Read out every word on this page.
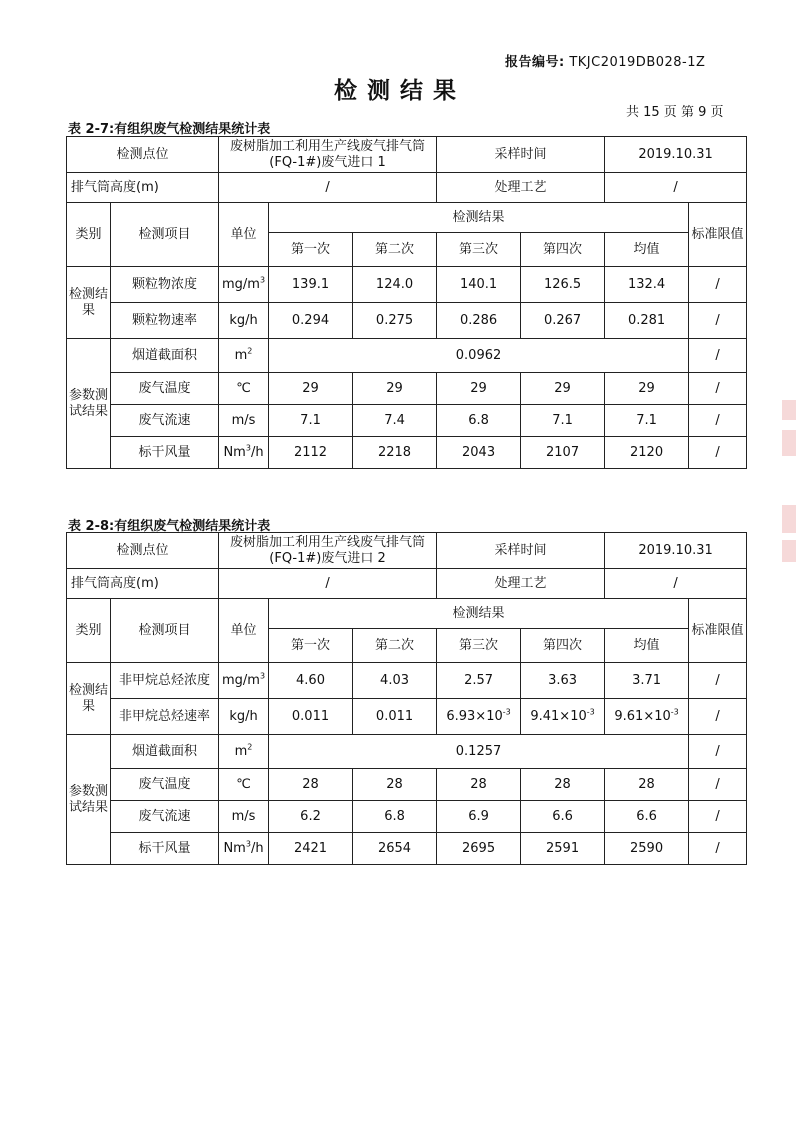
报告编号: TKJC2019DB028-1Z
检测结果
共 15 页 第 9 页
表 2-7:有组织废气检测结果统计表
检测点位		废树脂加工利用生产线废气排气筒(FQ-1#)废气进口 1			采样时间		2019.10.31	
排气筒高度(m)		/			处理工艺		/	
类别	检测项目	单位	检测结果					标准限值
			第一次	第二次	第三次	第四次	均值	
检测结果	颗粒物浓度	$mg/m^3$	139.1	124.0	140.1	126.5	132.4	/
	颗粒物速率	kg/h	0.294	0.275	0.286	0.267	0.281	/
参数测试结果	烟道截面积	$m^2$	0.0962					/
	废气温度	℃	29	29	29	29	29	/
	废气流速	m/s	7.1	7.4	6.8	7.1	7.1	/
	标干风量	Nm$^3$/h	2112	2218	2043	2107	2120	/
表 2-8:有组织废气检测结果统计表
检测点位		废树脂加工利用生产线废气排气筒(FQ-1#)废气进口 2			采样时间		2019.10.31	
排气筒高度(m)		/			处理工艺		/	
类别	检测项目	单位	检测结果					标准限值
			第一次	第二次	第三次	第四次	均值	
检测结果	非甲烷总烃浓度	$mg/m^3$	4.60	4.03	2.57	3.63	3.71	/
	非甲烷总烃速率	kg/h	0.011	0.011	$6.93\times 10^{-3}$	$9.41\times 10^{-3}$	$9.61\times 10^{-3}$	/
参数测试结果	烟道截面积	$m^2$	0.1257					/
	废气温度	℃	28	28	28	28	28	/
	废气流速	m/s	6.2	6.8	6.9	6.6	6.6	/
	标干风量	Nm$^3$/h	2421	2654	2695	2591	2590	/
